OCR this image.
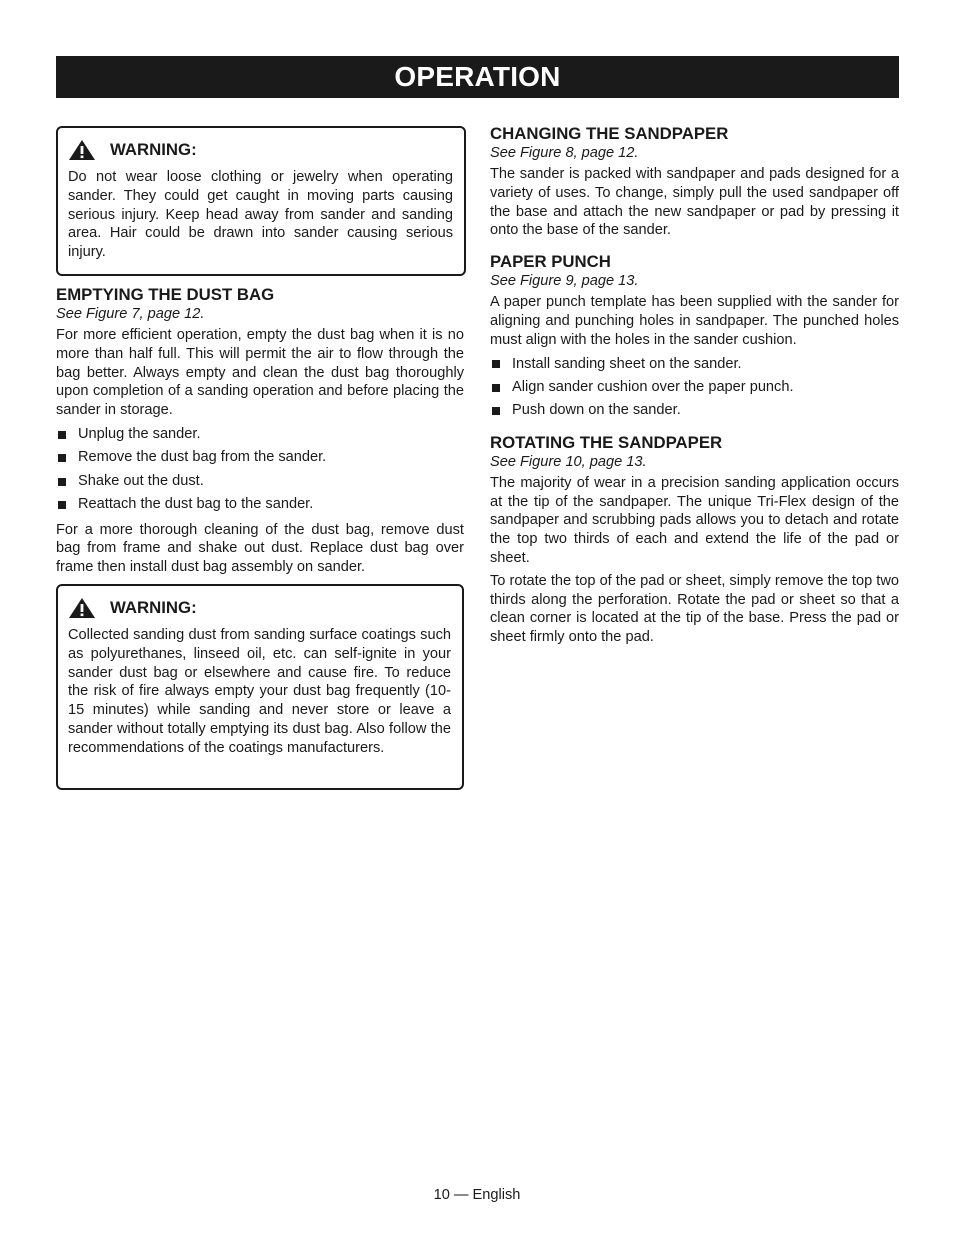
OPERATION
WARNING:

Do not wear loose clothing or jewelry when operating sander. They could get caught in moving parts causing serious injury. Keep head away from sander and sanding area. Hair could be drawn into sander causing serious injury.

EMPTYING THE DUST BAG

See Figure 7, page 12.

For more efficient operation, empty the dust bag when it is no more than half full. This will permit the air to flow through the bag better. Always empty and clean the dust bag thoroughly upon completion of a sanding operation and before placing the sander in storage.

Unplug the sander.
Remove the dust bag from the sander.
Shake out the dust.
Reattach the dust bag to the sander.

For a more thorough cleaning of the dust bag, remove dust bag from frame and shake out dust. Replace dust bag over frame then install dust bag assembly on sander.

WARNING:

Collected sanding dust from sanding surface coatings such as polyurethanes, linseed oil, etc. can self-ignite in your sander dust bag or elsewhere and cause fire. To reduce the risk of fire always empty your dust bag frequently (10-15 minutes) while sanding and never store or leave a sander without totally emptying its dust bag. Also follow the recommendations of the coatings manufacturers.

CHANGING THE SANDPAPER

See Figure 8, page 12.

The sander is packed with sandpaper and pads designed for a variety of uses. To change, simply pull the used sandpaper off the base and attach the new sandpaper or pad by pressing it onto the base of the sander.

PAPER PUNCH

See Figure 9, page 13.

A paper punch template has been supplied with the sander for aligning and punching holes in sandpaper. The punched holes must align with the holes in the sander cushion.

Install sanding sheet on the sander.
Align sander cushion over the paper punch.
Push down on the sander.
ROTATING THE SANDPAPER

See Figure 10, page 13.

The majority of wear in a precision sanding application occurs at the tip of the sandpaper. The unique Tri-Flex design of the sandpaper and scrubbing pads allows you to detach and rotate the top two thirds of each and extend the life of the pad or sheet.

To rotate the top of the pad or sheet, simply remove the top two thirds along the perforation. Rotate the pad or sheet so that a clean corner is located at the tip of the base. Press the pad or sheet firmly onto the pad.

10 — English
